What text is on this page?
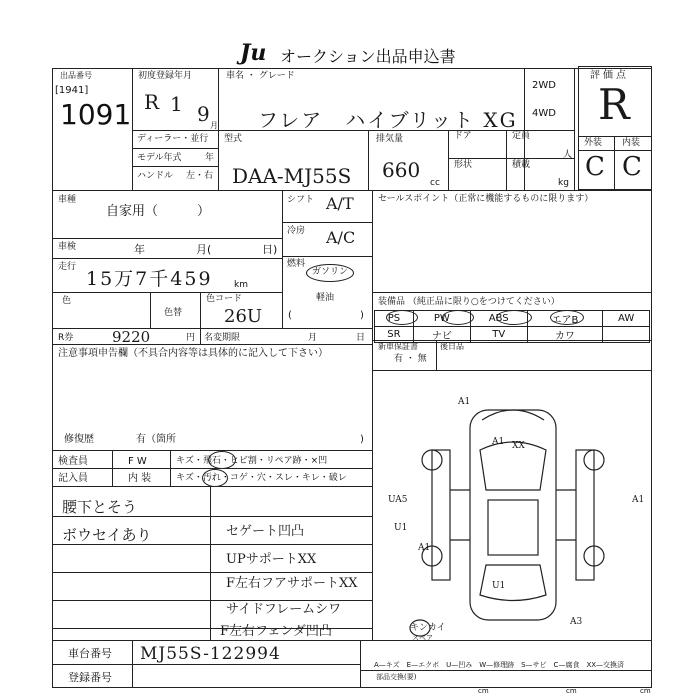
Ju オークション出品申込書
出品番号
[1941]
1091
初度登録年月
R 1 9 月
車名 ・ グレード
フレア　ハイブリット XG
2WD
4WD
評価点
R
外装 内装
C C
ディーラー・並行
モデル年式	年
ハンドル 左・右
型式
DAA-MJ55S
排気量
660
cc
ドア	定員
人
形状	積載
kg
車種
自家用（　　　）
車検	年	月(	日)
走行
15万7千459 km
色
色替
色コード
26U
シフト A/T
冷房 A/C
燃料
ガソリン
軽油
(	)
セールスポイント（正常に機能するものに限ります）
装備品 （純正品に限り○をつけてください）
PS	PW	ABS	エアB	AW
SR	ナビ	TV	カワ	
新車保証書
有 ・ 無
後日品
R券	9220	円 名変期限	月	日
注意事項申告欄（不具合内容等は具体的に記入して下さい）
修復歴	有（箇所	)
検査員	F W	キズ・飛石・ヒビ割・リペア跡・×凹
記入員	内 装	キズ・汚れ・コゲ・穴・スレ・キレ・破レ
腰下とそう
ボウセイあり	セゲート凹凸
UPサポートXX
F左右フアサポートXX
サイドフレームシワ
F左右フェンダ凹凸
A1
A1 XX
A1
UA5
U1
A1
U1
A3
キンカイ
スペア
車台番号 MJ55S-122994
登録番号
A—キズ　E—エクボ　U—凹み　W—修理跡　S—サビ　C—腐食　XX—交換済
部品交換(要)
cm	cm	cm
